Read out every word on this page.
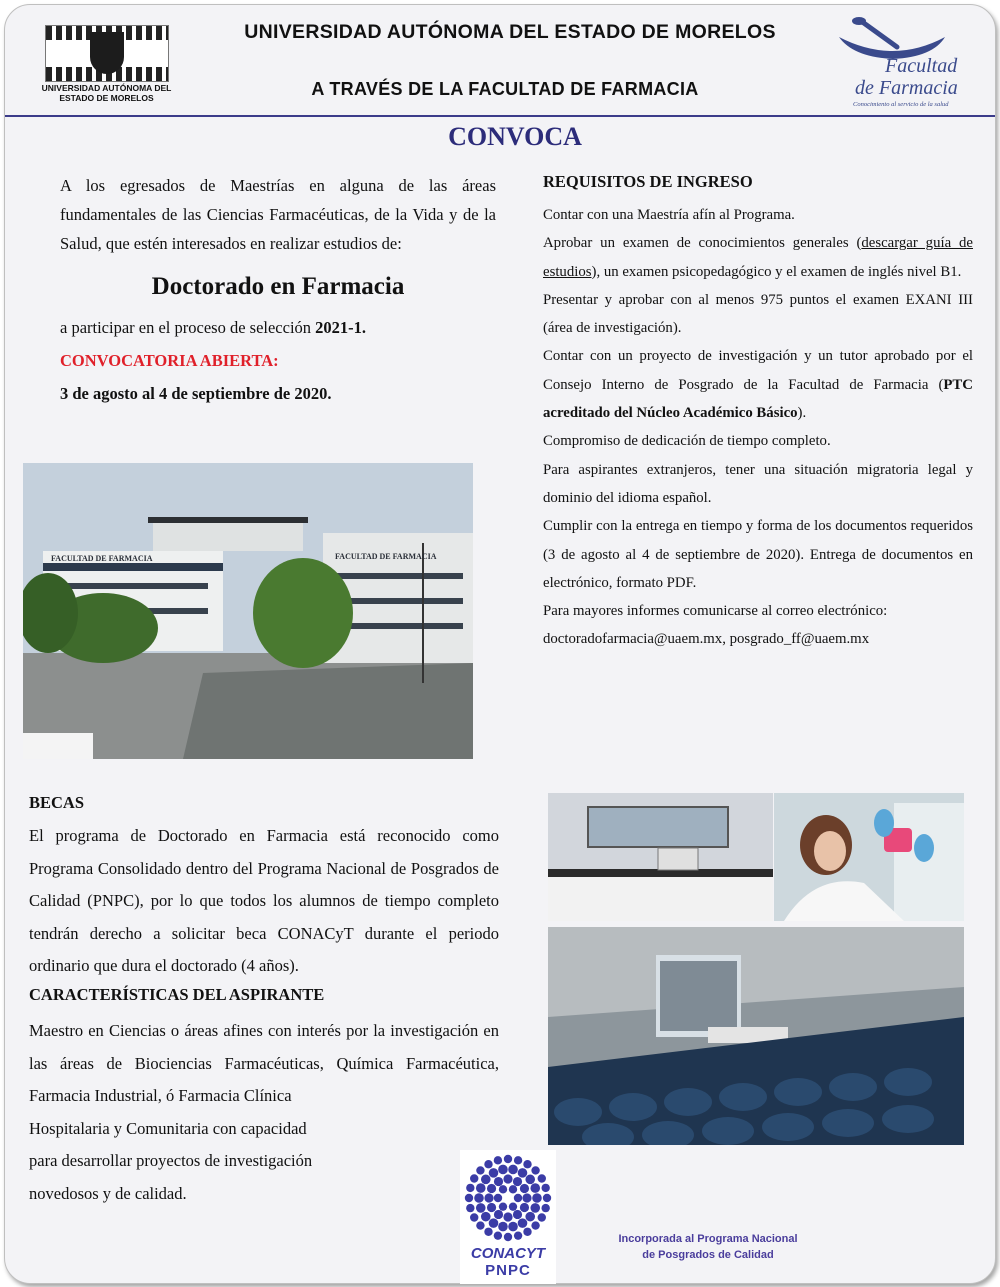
UNIVERSIDAD AUTÓNOMA DEL ESTADO DE MORELOS
UNIVERSIDAD AUTÓNOMA DEL ESTADO DE MORELOS
A TRAVÉS DE LA FACULTAD DE FARMACIA
Facultad
de Farmacia
Conocimiento al servicio de la salud
CONVOCA
A los egresados de Maestrías en alguna de las áreas fundamentales de las Ciencias Farmacéuticas, de la Vida y de la Salud, que estén interesados en realizar estudios de:
Doctorado en Farmacia
a participar en el proceso de selección 2021-1.
CONVOCATORIA ABIERTA:
3 de agosto al 4 de septiembre de 2020.
REQUISITOS DE INGRESO

Contar con una Maestría afín al Programa.

Aprobar un examen de conocimientos generales (descargar guía de estudios), un examen psicopedagógico y el examen de inglés nivel B1.

Presentar y aprobar con al menos 975 puntos el examen EXANI III (área de investigación).

Contar con un proyecto de investigación y un tutor aprobado por el Consejo Interno de Posgrado de la Facultad de Farmacia (PTC acreditado del Núcleo Académico Básico).

Compromiso de dedicación de tiempo completo.

Para aspirantes extranjeros, tener una situación migratoria legal y dominio del idioma español.

Cumplir con la entrega en tiempo y forma de los documentos requeridos (3 de agosto al 4 de septiembre de 2020). Entrega de documentos en electrónico, formato PDF.

Para mayores informes comunicarse al correo electrónico:

doctoradofarmacia@uaem.mx, posgrado_ff@uaem.mx

FACULTAD DE FARMACIA	FACULTAD DE FARMACIA
BECAS
El programa de Doctorado en Farmacia está reconocido como Programa Consolidado dentro del Programa Nacional de Posgrados de Calidad (PNPC), por lo que todos los alumnos de tiempo completo tendrán derecho a solicitar beca CONACyT durante el periodo ordinario que dura el doctorado (4 años).
CARACTERÍSTICAS DEL ASPIRANTE
Maestro en Ciencias o áreas afines con interés por la investigación en las áreas de Biociencias Farmacéuticas, Química Farmacéutica, Farmacia Industrial, ó Farmacia Clínica
Hospitalaria y Comunitaria con capacidad
para desarrollar proyectos de investigación
novedosos y de calidad.
CONACYT
PNPC
Incorporada al Programa Nacional de Posgrados de Calidad
